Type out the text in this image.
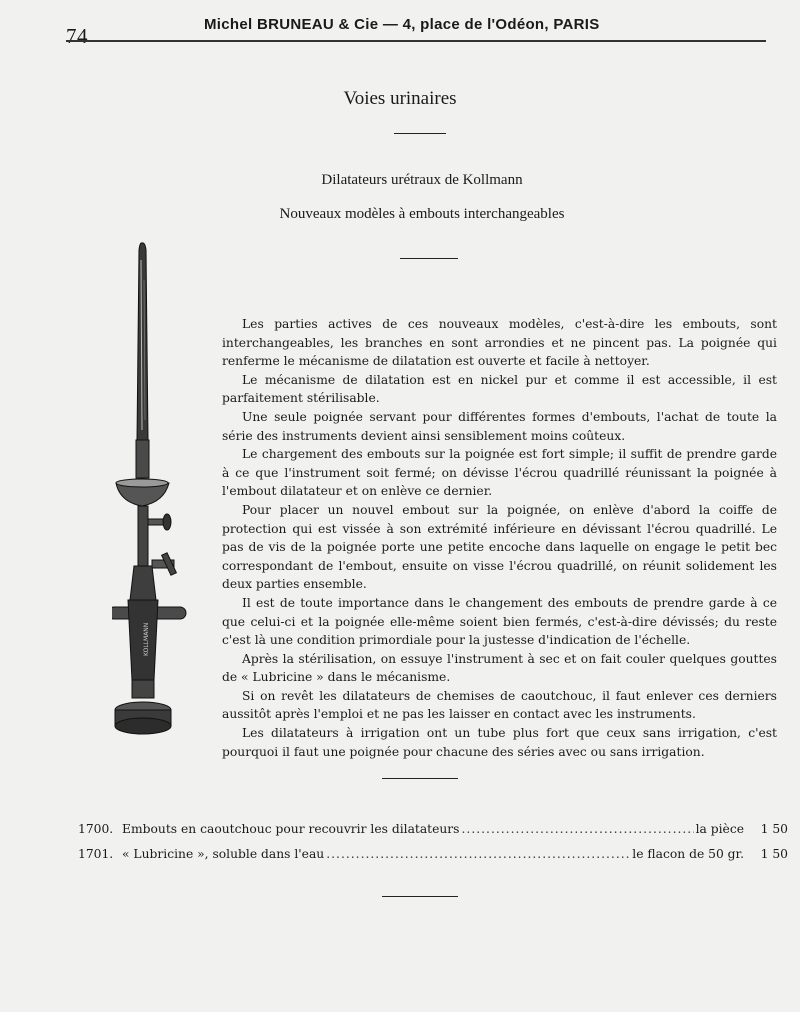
74	Michel BRUNEAU & Cie — 4, place de l'Odéon, PARIS
Voies urinaires
Dilatateurs urétraux de Kollmann
Nouveaux modèles à embouts interchangeables
KOLLMANN

Les parties actives de ces nouveaux modèles, c'est-à-dire les embouts, sont interchangeables, les branches en sont arrondies et ne pincent pas. La poignée qui renferme le mécanisme de dilatation est ouverte et facile à nettoyer.

Le mécanisme de dilatation est en nickel pur et comme il est accessible, il est parfaitement stérilisable.

Une seule poignée servant pour différentes formes d'embouts, l'achat de toute la série des instruments devient ainsi sensiblement moins coûteux.

Le chargement des embouts sur la poignée est fort simple; il suffit de prendre garde à ce que l'instrument soit fermé; on dévisse l'écrou quadrillé réunissant la poignée à l'embout dilatateur et on enlève ce dernier.

Pour placer un nouvel embout sur la poignée, on enlève d'abord la coiffe de protection qui est vissée à son extrémité inférieure en dévissant l'écrou quadrillé. Le pas de vis de la poignée porte une petite encoche dans laquelle on engage le petit bec correspondant de l'embout, ensuite on visse l'écrou quadrillé, on réunit solidement les deux parties ensemble.

Il est de toute importance dans le changement des embouts de prendre garde à ce que celui-ci et la poignée elle-même soient bien fermés, c'est-à-dire dévissés; du reste c'est là une condition primordiale pour la justesse d'indication de l'échelle.

Après la stérilisation, on essuye l'instrument à sec et on fait couler quelques gouttes de « Lubricine » dans le mécanisme.

Si on revêt les dilatateurs de chemises de caoutchouc, il faut enlever ces derniers aussitôt après l'emploi et ne pas les laisser en contact avec les instruments.

Les dilatateurs à irrigation ont un tube plus fort que ceux sans irrigation, c'est pourquoi il faut une poignée pour chacune des séries avec ou sans irrigation.

1700. Embouts en caoutchouc pour recouvrir les dilatateurs .....	la pièce	1 50
1701. « Lubricine », soluble dans l'eau .....	le flacon de 50 gr.	1 50
